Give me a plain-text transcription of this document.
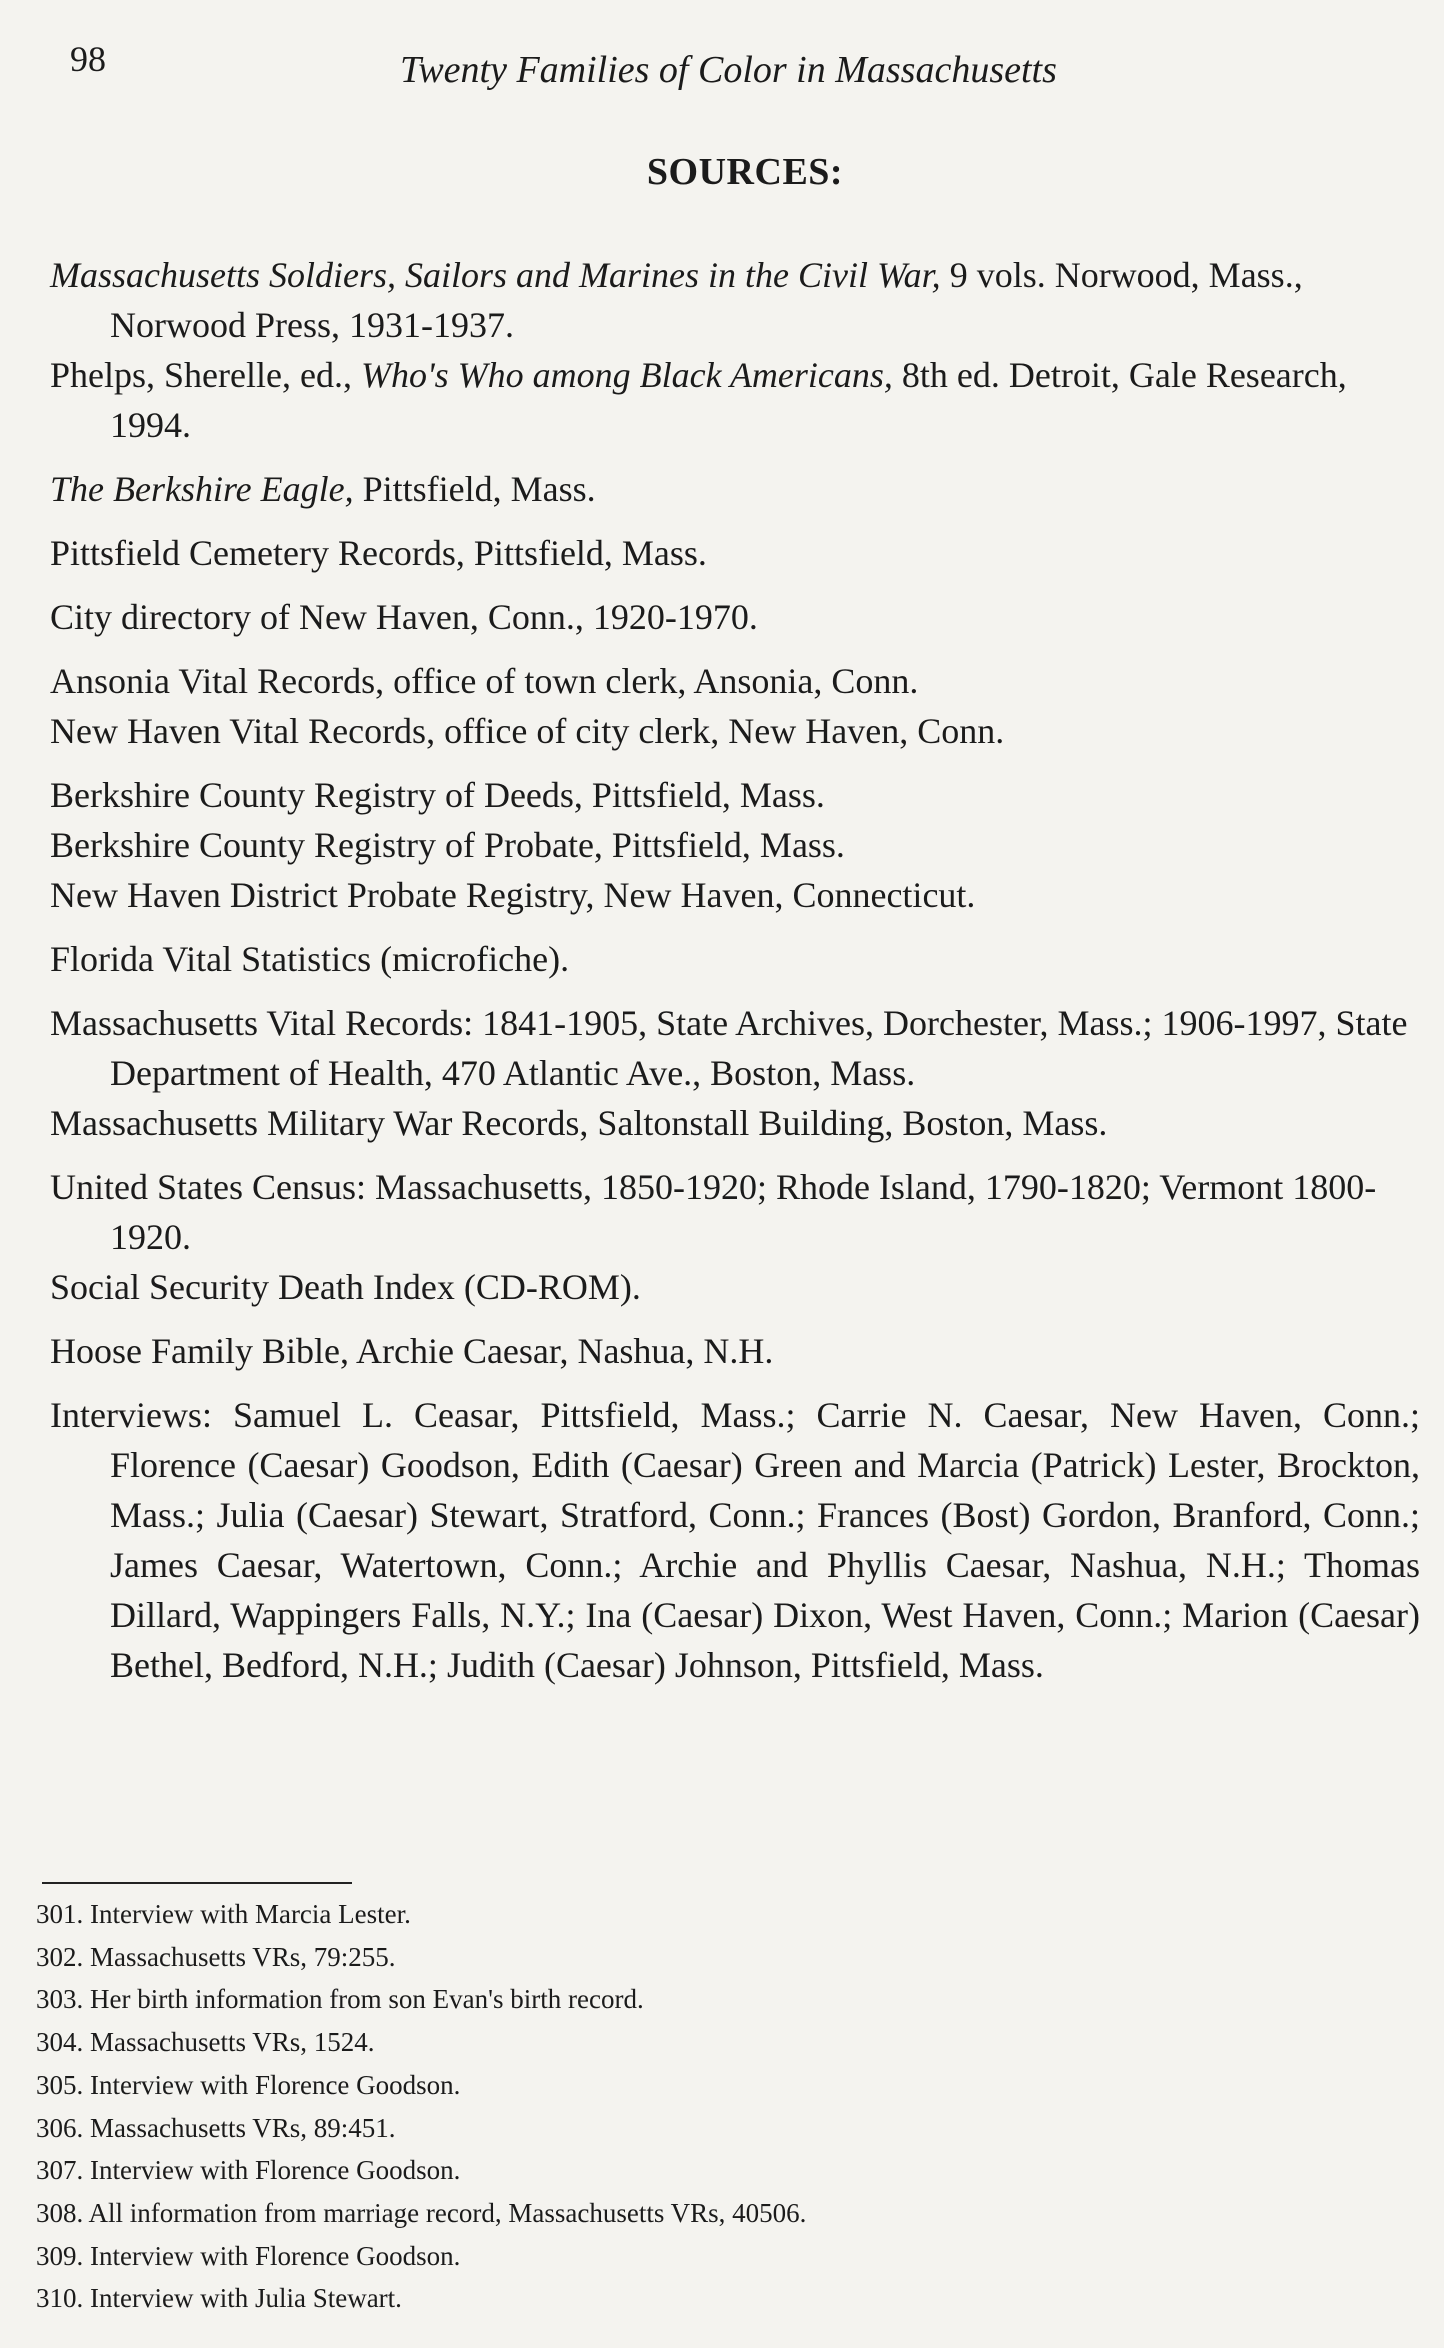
98	Twenty Families of Color in Massachusetts
SOURCES:

Massachusetts Soldiers, Sailors and Marines in the Civil War, 9 vols. Norwood, Mass., Norwood Press, 1931-1937.

Phelps, Sherelle, ed., Who's Who among Black Americans, 8th ed. Detroit, Gale Research, 1994.

The Berkshire Eagle, Pittsfield, Mass.

Pittsfield Cemetery Records, Pittsfield, Mass.

City directory of New Haven, Conn., 1920-1970.

Ansonia Vital Records, office of town clerk, Ansonia, Conn.

New Haven Vital Records, office of city clerk, New Haven, Conn.

Berkshire County Registry of Deeds, Pittsfield, Mass.

Berkshire County Registry of Probate, Pittsfield, Mass.

New Haven District Probate Registry, New Haven, Connecticut.

Florida Vital Statistics (microfiche).

Massachusetts Vital Records: 1841-1905, State Archives, Dorchester, Mass.; 1906-1997, State Department of Health, 470 Atlantic Ave., Boston, Mass.

Massachusetts Military War Records, Saltonstall Building, Boston, Mass.

United States Census: Massachusetts, 1850-1920; Rhode Island, 1790-1820; Vermont 1800-1920.

Social Security Death Index (CD-ROM).

Hoose Family Bible, Archie Caesar, Nashua, N.H.

Interviews: Samuel L. Ceasar, Pittsfield, Mass.; Carrie N. Caesar, New Haven, Conn.; Florence (Caesar) Goodson, Edith (Caesar) Green and Marcia (Patrick) Lester, Brockton, Mass.; Julia (Caesar) Stewart, Stratford, Conn.; Frances (Bost) Gordon, Branford, Conn.; James Caesar, Watertown, Conn.; Archie and Phyllis Caesar, Nashua, N.H.; Thomas Dillard, Wappingers Falls, N.Y.; Ina (Caesar) Dixon, West Haven, Conn.; Marion (Caesar) Bethel, Bedford, N.H.; Judith (Caesar) Johnson, Pittsfield, Mass.

301. Interview with Marcia Lester.
302. Massachusetts VRs, 79:255.
303. Her birth information from son Evan's birth record.
304. Massachusetts VRs, 1524.
305. Interview with Florence Goodson.
306. Massachusetts VRs, 89:451.
307. Interview with Florence Goodson.
308. All information from marriage record, Massachusetts VRs, 40506.
309. Interview with Florence Goodson.
310. Interview with Julia Stewart.
